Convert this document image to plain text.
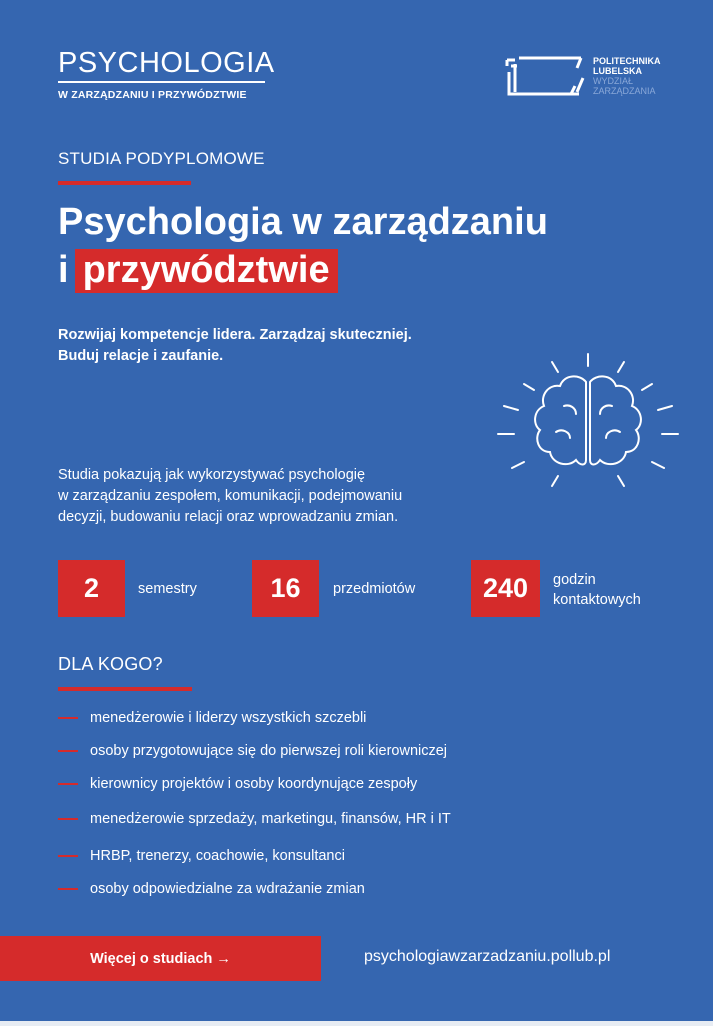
PSYCHOLOGIA
W ZARZĄDZANIU I PRZYWÓDZTWIE
POLITECHNIKA
LUBELSKA
WYDZIAŁ
ZARZĄDZANIA
STUDIA PODYPLOMOWE
Psychologia w zarządzaniu
i przywództwie
Rozwijaj kompetencje lidera. Zarządzaj skuteczniej.
Buduj relacje i zaufanie.
Studia pokazują jak wykorzystywać psychologię
w zarządzaniu zespołem, komunikacji, podejmowaniu
decyzji, budowaniu relacji oraz wprowadzaniu zmian.
2	semestry	16	przedmiotów	240	godzin
kontaktowych
DLA KOGO?
menedżerowie i liderzy wszystkich szczebli
osoby przygotowujące się do pierwszej roli kierowniczej
kierownicy projektów i osoby koordynujące zespoły
menedżerowie sprzedaży, marketingu, finansów, HR i IT
HRBP, trenerzy, coachowie, konsultanci
osoby odpowiedzialne za wdrażanie zmian
Więcej o studiach →	psychologiawzarzadzaniu.pollub.pl
